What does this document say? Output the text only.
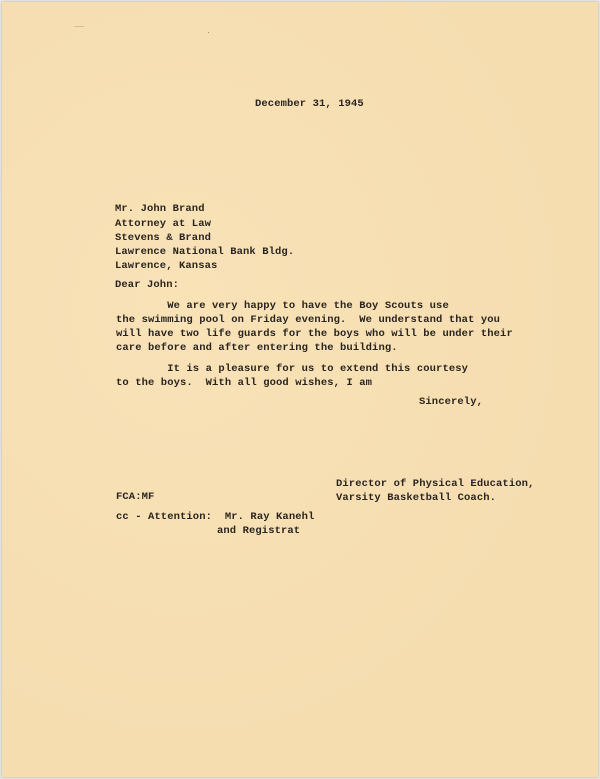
December 31, 1945
Mr. John Brand
Attorney at Law
Stevens & Brand
Lawrence National Bank Bldg.
Lawrence, Kansas
Dear John:
We are very happy to have the Boy Scouts use
the swimming pool on Friday evening.  We understand that you
will have two life guards for the boys who will be under their
care before and after entering the building.
It is a pleasure for us to extend this courtesy
to the boys.  With all good wishes, I am
Sincerely,
Director of Physical Education,
Varsity Basketball Coach.
FCA:MF
cc - Attention:  Mr. Ray Kanehl
and Registrat
